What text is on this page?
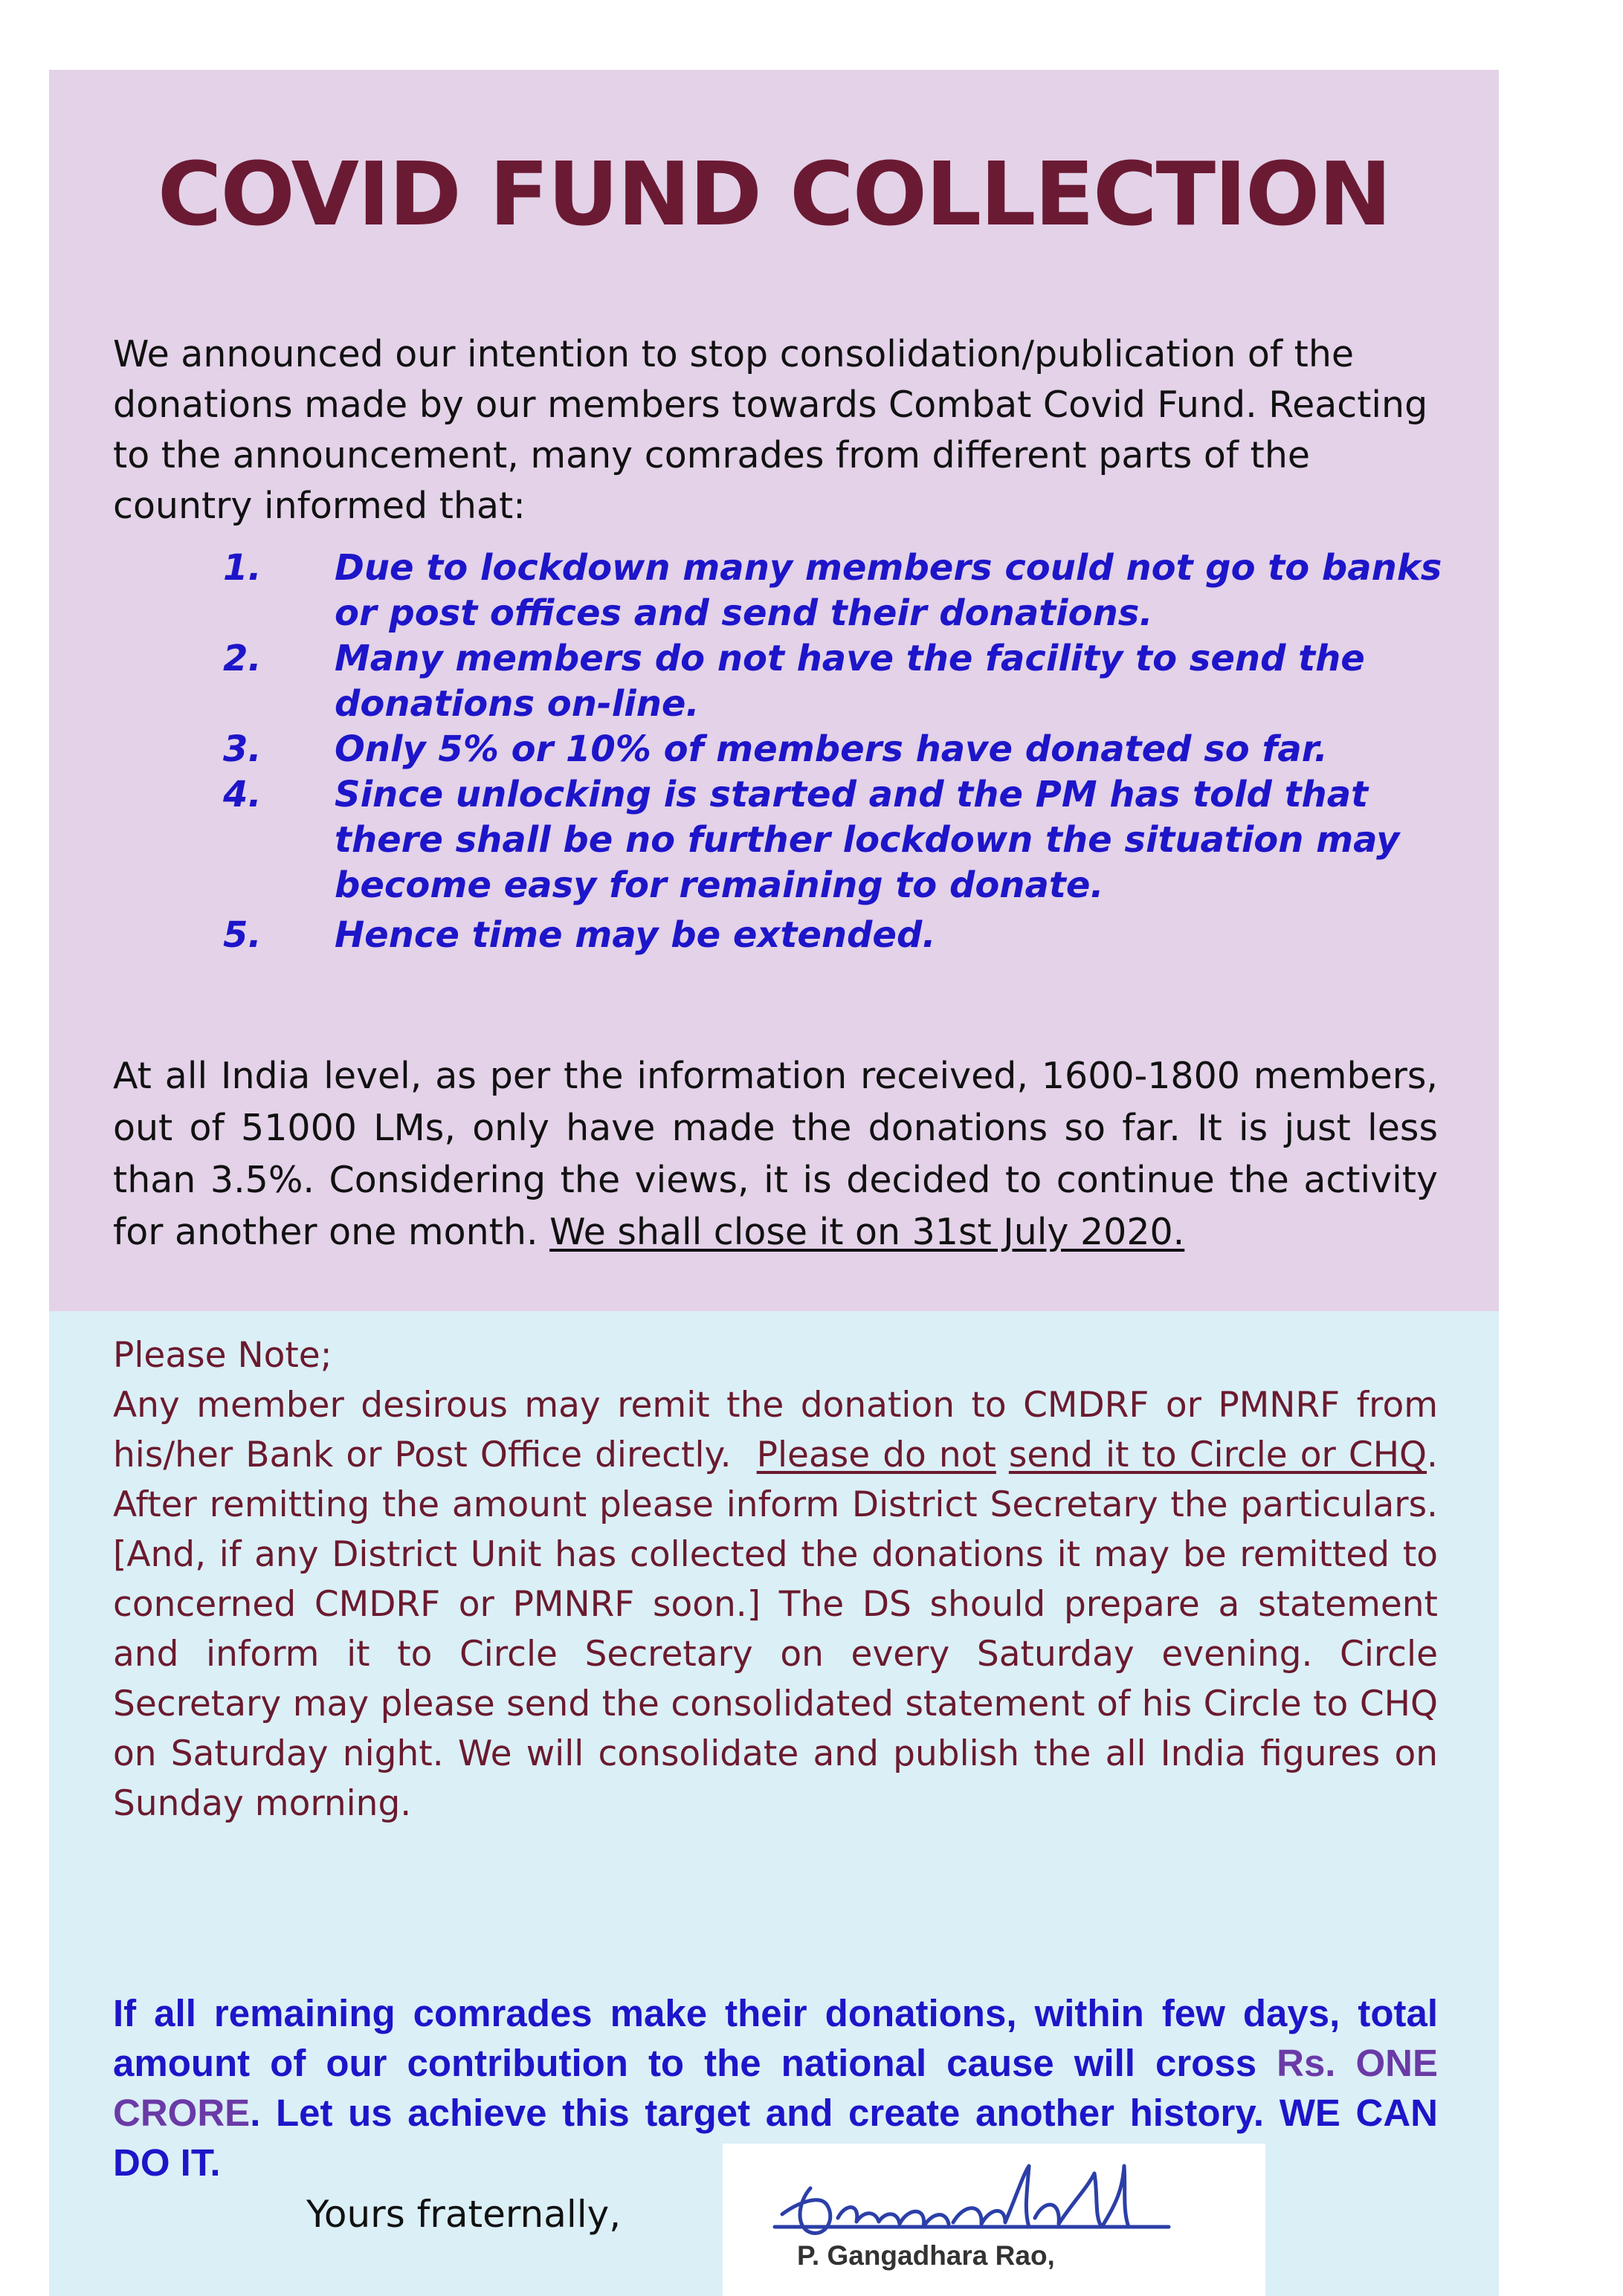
COVID FUND COLLECTION

We announced our intention to stop consolidation/publication of the donations made by our members towards Combat Covid Fund. Reacting to the announcement, many comrades from different parts of the country informed that:

1.	Due to lockdown many members could not go to banks or post offices and send their donations.
2.	Many members do not have the facility to send the donations on-line.
3.	Only 5% or 10% of members have donated so far.
4.	Since unlocking is started and the PM has told that there shall be no further lockdown the situation may become easy for remaining to donate.
5.	Hence time may be extended.

At all India level, as per the information received, 1600-1800 members, out of 51000 LMs, only have made the donations so far. It is just less than 3.5%. Considering the views, it is decided to continue the activity for another one month. We shall close it on 31st July 2020.

Please Note;
Any member desirous may remit the donation to CMDRF or PMNRF from his/her Bank or Post Office directly. Please do not send it to Circle or CHQ. After remitting the amount please inform District Secretary the particulars. [And, if any District Unit has collected the donations it may be remitted to concerned CMDRF or PMNRF soon.] The DS should prepare a statement and inform it to Circle Secretary on every Saturday evening. Circle Secretary may please send the consolidated statement of his Circle to CHQ on Saturday night. We will consolidate and publish the all India figures on Sunday morning.

If all remaining comrades make their donations, within few days, total amount of our contribution to the national cause will cross Rs. ONE CRORE. Let us achieve this target and create another history. WE CAN DO IT.

Yours fraternally,
P. Gangadhara Rao,
